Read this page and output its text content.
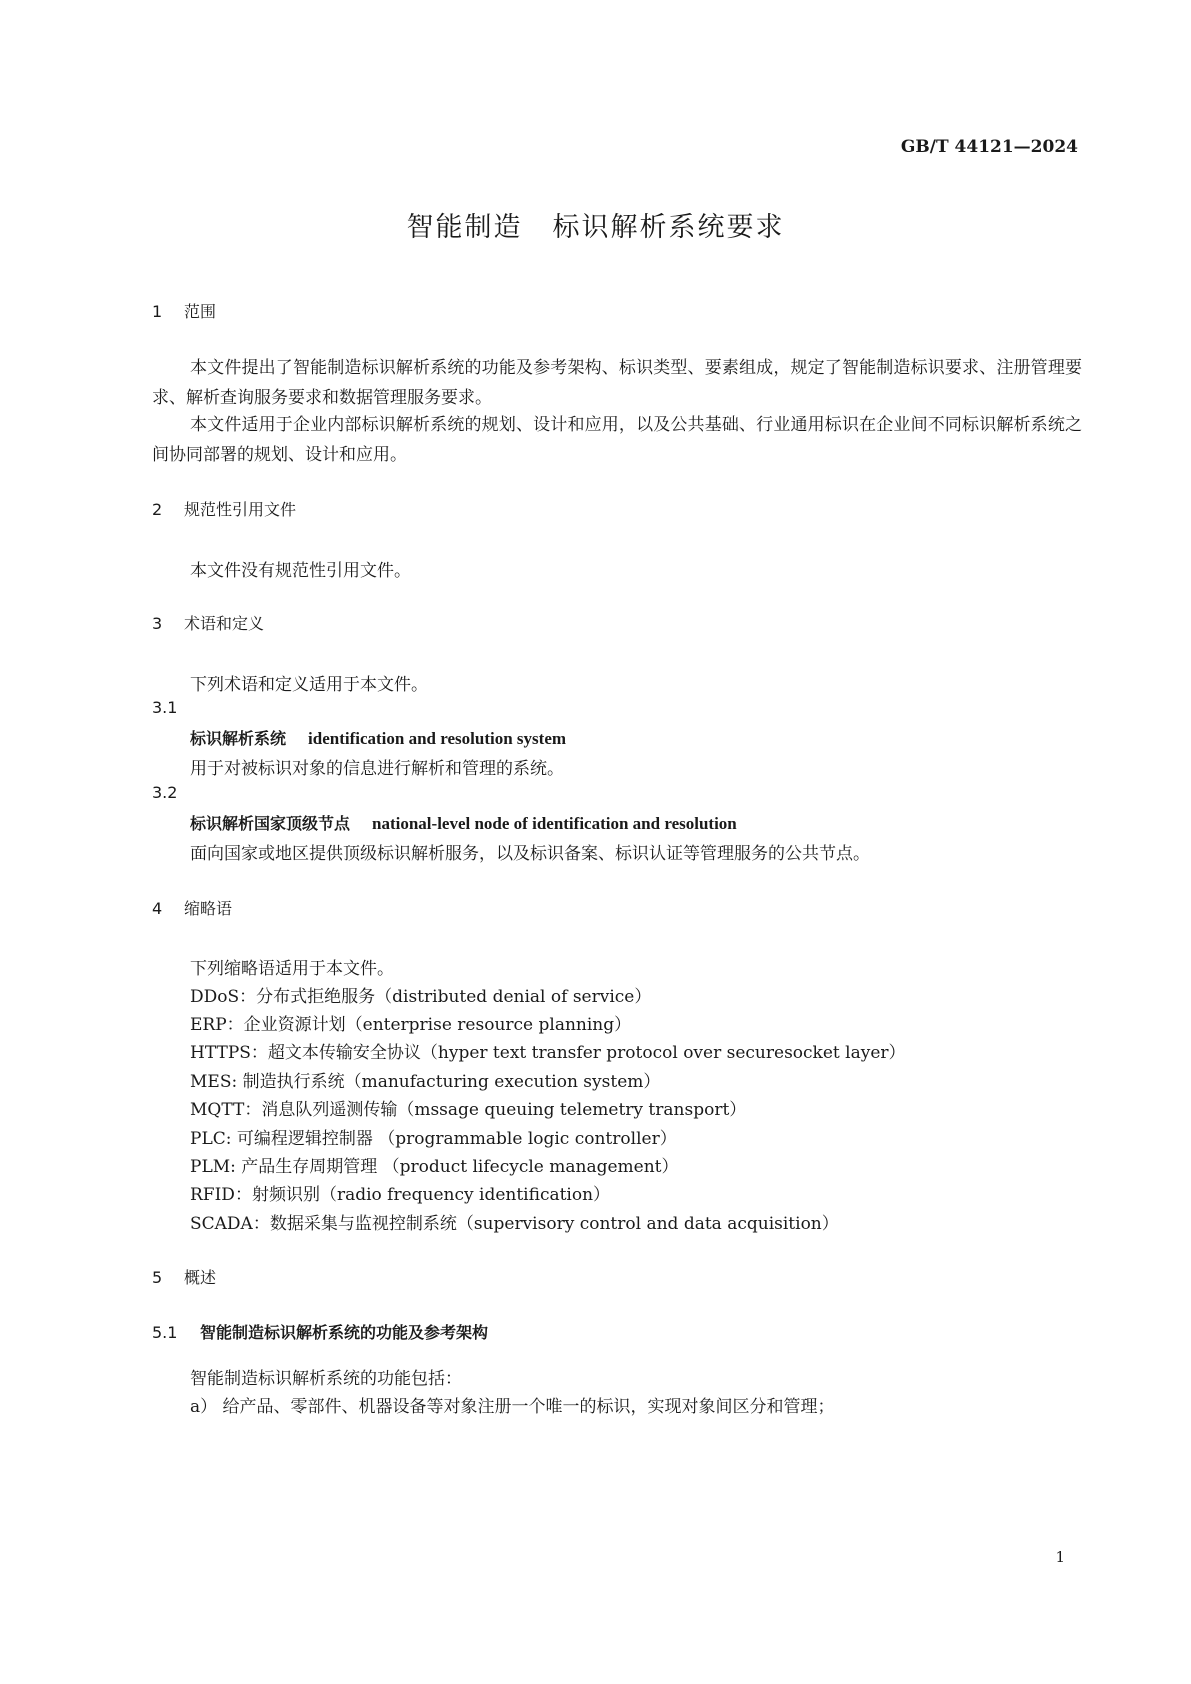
GB/T 44121—2024
智能制造 标识解析系统要求
1 范围
本文件提出了智能制造标识解析系统的功能及参考架构、标识类型、要素组成，规定了智能制造标识要求、注册管理要求、解析查询服务要求和数据管理服务要求。
本文件适用于企业内部标识解析系统的规划、设计和应用，以及公共基础、行业通用标识在企业间不同标识解析系统之间协同部署的规划、设计和应用。
2 规范性引用文件
本文件没有规范性引用文件。
3 术语和定义
下列术语和定义适用于本文件。
3.1
标识解析系统 identification and resolution system
用于对被标识对象的信息进行解析和管理的系统。
3.2
标识解析国家顶级节点 national-level node of identification and resolution
面向国家或地区提供顶级标识解析服务，以及标识备案、标识认证等管理服务的公共节点。
4 缩略语
下列缩略语适用于本文件。
DDoS：分布式拒绝服务（distributed denial of service）
ERP：企业资源计划（enterprise resource planning）
HTTPS：超文本传输安全协议（hyper text transfer protocol over securesocket layer）
MES: 制造执行系统（manufacturing execution system）
MQTT：消息队列遥测传输（mssage queuing telemetry transport）
PLC: 可编程逻辑控制器 （programmable logic controller）
PLM: 产品生存周期管理 （product lifecycle management）
RFID：射频识别（radio frequency identification）
SCADA：数据采集与监视控制系统（supervisory control and data acquisition）
5 概述
5.1 智能制造标识解析系统的功能及参考架构
智能制造标识解析系统的功能包括：
a） 给产品、零部件、机器设备等对象注册一个唯一的标识，实现对象间区分和管理；
1
